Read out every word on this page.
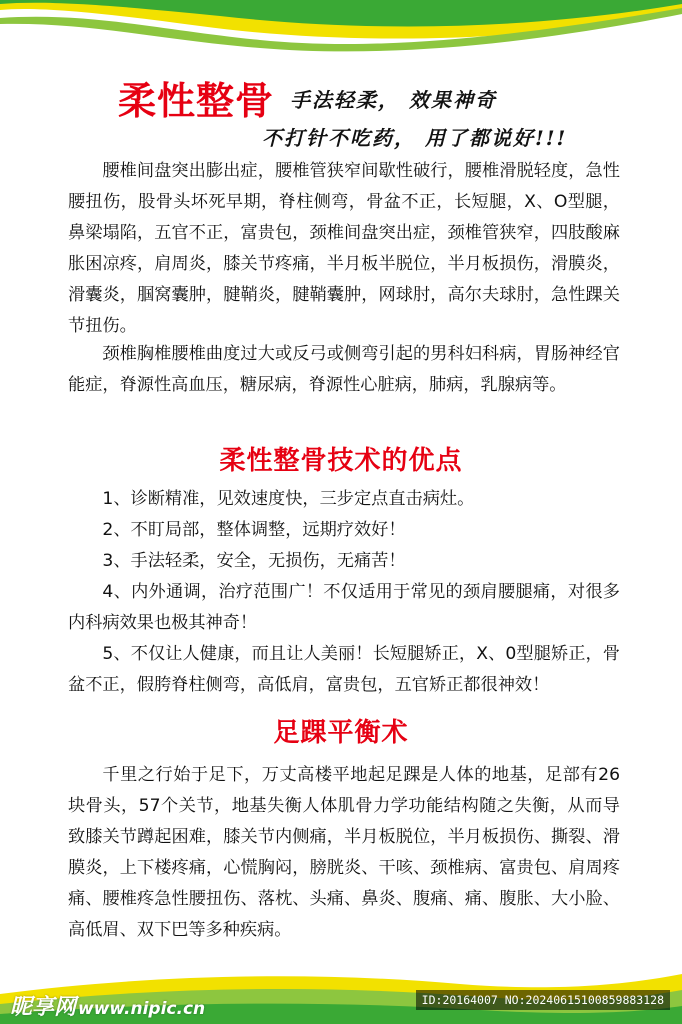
柔性整骨 手法轻柔， 效果神奇
不打针不吃药， 用了都说好!!!

腰椎间盘突出膨出症，腰椎管狭窄间歇性破行，腰椎滑脱轻度，急性腰扭伤，股骨头坏死早期，脊柱侧弯，骨盆不正，长短腿，X、O型腿，鼻梁塌陷，五官不正，富贵包，颈椎间盘突出症，颈椎管狭窄，四肢酸麻胀困凉疼，肩周炎，膝关节疼痛，半月板半脱位，半月板损伤，滑膜炎，滑囊炎，腘窝囊肿，腱鞘炎，腱鞘囊肿，网球肘，高尔夫球肘，急性踝关节扭伤。

颈椎胸椎腰椎曲度过大或反弓或侧弯引起的男科妇科病，胃肠神经官能症，脊源性高血压，糖尿病，脊源性心脏病，肺病，乳腺病等。

柔性整骨技术的优点
1、诊断精准，见效速度快，三步定点直击病灶。
2、不盯局部，整体调整，远期疗效好！
3、手法轻柔，安全，无损伤，无痛苦！
4、内外通调，治疗范围广！不仅适用于常见的颈肩腰腿痛，对很多内科病效果也极其神奇！
5、不仅让人健康，而且让人美丽！长短腿矫正，X、0型腿矫正，骨盆不正，假胯脊柱侧弯，高低肩，富贵包，五官矫正都很神效！
足踝平衡术

千里之行始于足下，万丈高楼平地起足踝是人体的地基，足部有26块骨头，57个关节，地基失衡人体肌骨力学功能结构随之失衡，从而导致膝关节蹲起困难，膝关节内侧痛，半月板脱位，半月板损伤、撕裂、滑膜炎，上下楼疼痛，心慌胸闷，膀胱炎、干咳、颈椎病、富贵包、肩周疼痛、腰椎疼急性腰扭伤、落枕、头痛、鼻炎、腹痛、痛、腹胀、大小脸、高低眉、双下巴等多种疾病。

昵享网 www.nipic.cn	ID:20164007 NO:20240615100859883128
